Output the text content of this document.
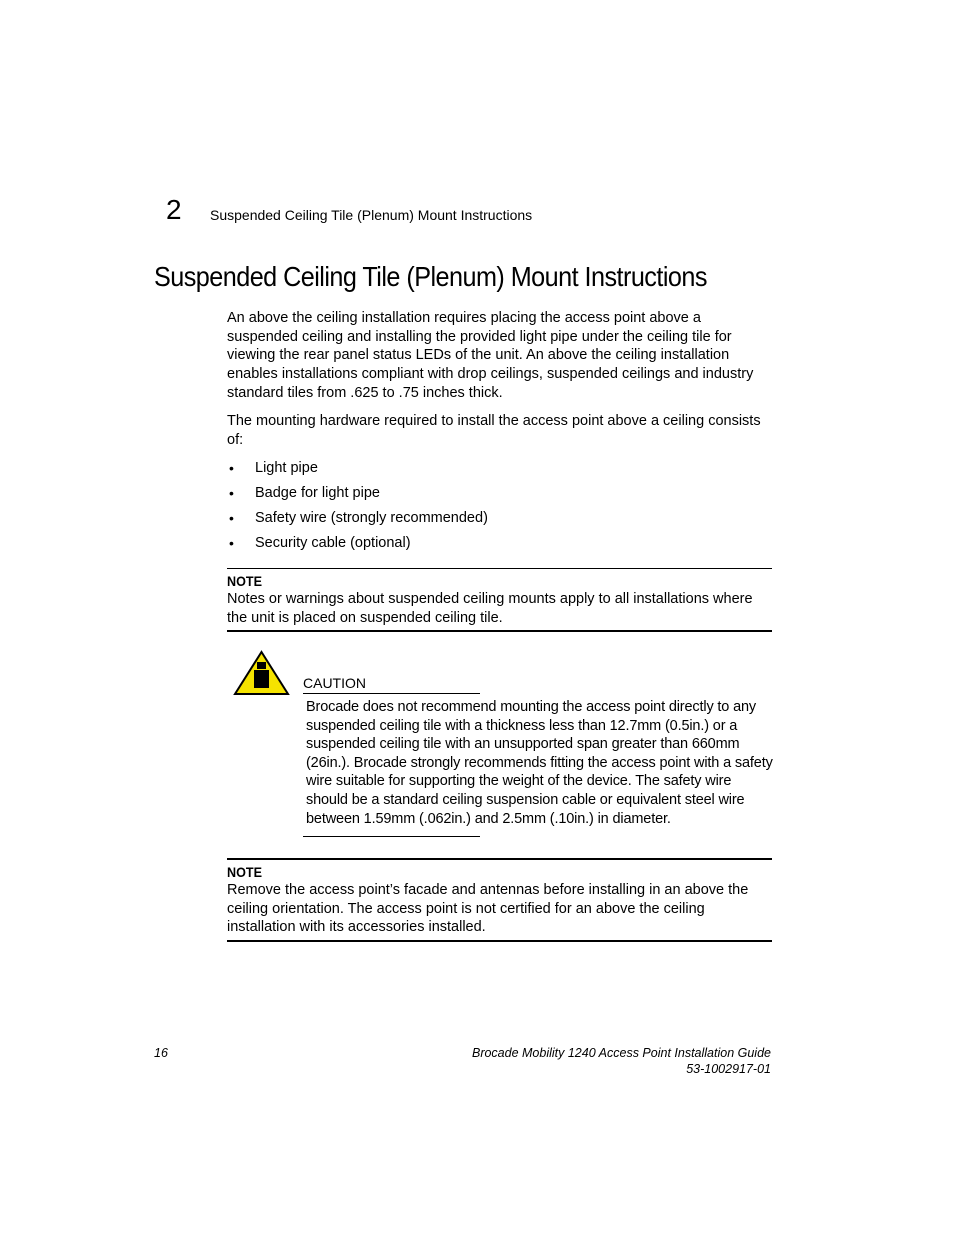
2 Suspended Ceiling Tile (Plenum) Mount Instructions
Suspended Ceiling Tile (Plenum) Mount Instructions

An above the ceiling installation requires placing the access point above a suspended ceiling and installing the provided light pipe under the ceiling tile for viewing the rear panel status LEDs of the unit. An above the ceiling installation enables installations compliant with drop ceilings, suspended ceilings and industry standard tiles from .625 to .75 inches thick.

The mounting hardware required to install the access point above a ceiling consists of:

• Light pipe
• Badge for light pipe
• Safety wire (strongly recommended)
• Security cable (optional)
NOTE
Notes or warnings about suspended ceiling mounts apply to all installations where the unit is placed on suspended ceiling tile.
CAUTION
Brocade does not recommend mounting the access point directly to any suspended ceiling tile with a thickness less than 12.7mm (0.5in.) or a suspended ceiling tile with an unsupported span greater than 660mm (26in.). Brocade strongly recommends fitting the access point with a safety wire suitable for supporting the weight of the device. The safety wire should be a standard ceiling suspension cable or equivalent steel wire between 1.59mm (.062in.) and 2.5mm (.10in.) in diameter.
NOTE
Remove the access point’s facade and antennas before installing in an above the ceiling orientation. The access point is not certified for an above the ceiling installation with its accessories installed.
16	Brocade Mobility 1240 Access Point Installation Guide
53-1002917-01
